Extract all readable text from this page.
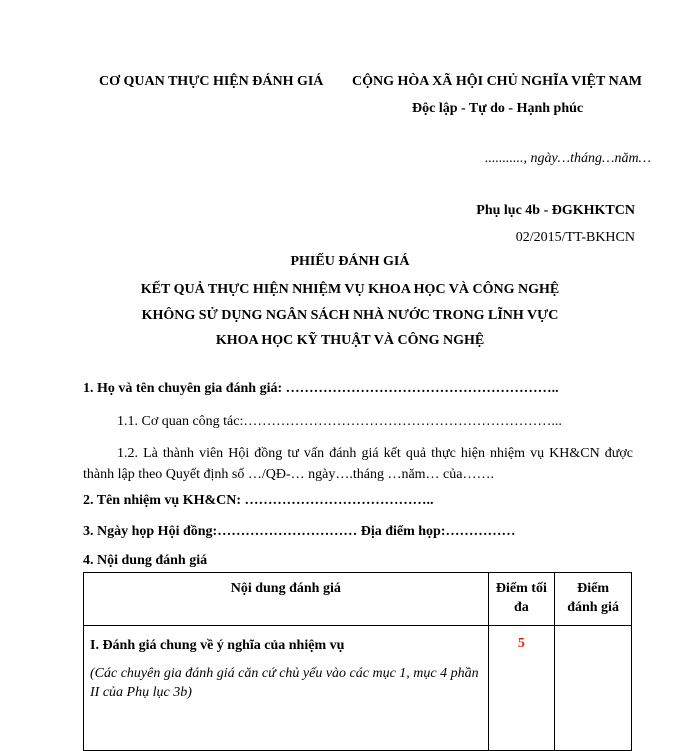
CƠ QUAN THỰC HIỆN ĐÁNH GIÁ CỘNG HÒA XÃ HỘI CHỦ NGHĨA VIỆT NAM
Độc lập - Tự do - Hạnh phúc
..........., ngày…tháng…năm…
Phụ lục 4b - ĐGKHKTCN
02/2015/TT-BKHCN
PHIẾU ĐÁNH GIÁ
KẾT QUẢ THỰC HIỆN NHIỆM VỤ KHOA HỌC VÀ CÔNG NGHỆ
KHÔNG SỬ DỤNG NGÂN SÁCH NHÀ NƯỚC TRONG LĨNH VỰC
KHOA HỌC KỸ THUẬT VÀ CÔNG NGHỆ
1. Họ và tên chuyên gia đánh giá: …………………………………………………..
1.1. Cơ quan công tác:…………………………………………………………...
1.2. Là thành viên Hội đồng tư vấn đánh giá kết quả thực hiện nhiệm vụ KH&CN được thành lập theo Quyết định số …/QĐ-… ngày….tháng …năm… của…….
2. Tên nhiệm vụ KH&CN: …………………………………..
3. Ngày họp Hội đồng:………………………… Địa điểm họp:……………
4. Nội dung đánh giá
Nội dung đánh giá	Điểm tối đa	Điểm đánh giá

I. Đánh giá chung về ý nghĩa của nhiệm vụ
(Các chuyên gia đánh giá căn cứ chủ yếu vào các mục 1, mục 4 phần II của Phụ lục 3b)	5	
